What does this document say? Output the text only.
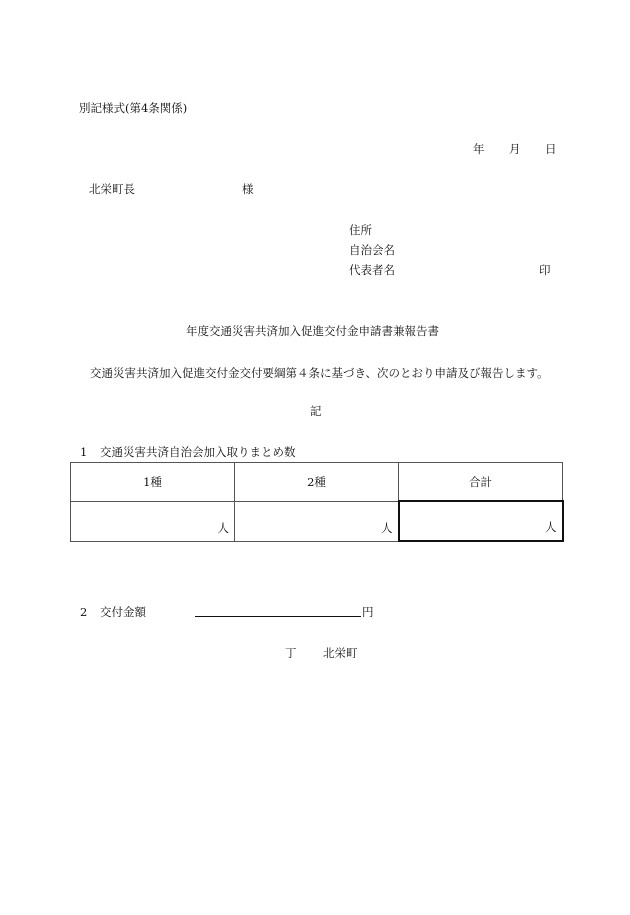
別記様式(第4条関係)
年 月 日
北栄町長	様
住所
自治会名
代表者名	印
年度交通災害共済加入促進交付金申請書兼報告書
交通災害共済加入促進交付金交付要綱第４条に基づき、次のとおり申請及び報告します。
記
1 交通災害共済自治会加入取りまとめ数
1種	2種	合計
人	人	人
2 交付金額	円
丁 北栄町
